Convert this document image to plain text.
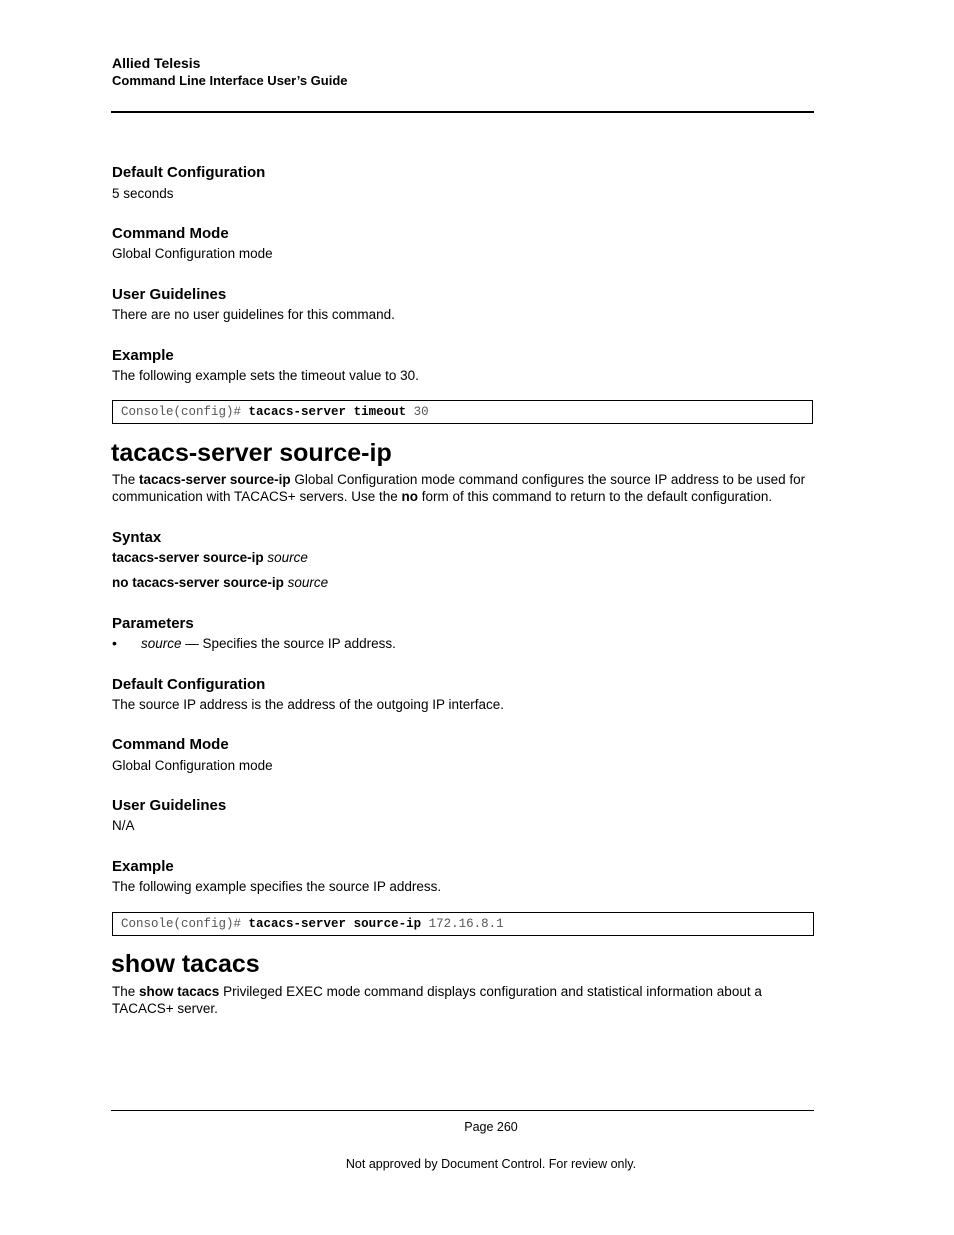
Allied Telesis
Command Line Interface User’s Guide
Default Configuration
5 seconds
Command Mode
Global Configuration mode
User Guidelines
There are no user guidelines for this command.
Example
The following example sets the timeout value to 30.
Console(config)# tacacs-server timeout 30
tacacs-server source-ip
The tacacs-server source-ip Global Configuration mode command configures the source IP address to be used for communication with TACACS+ servers. Use the no form of this command to return to the default configuration.
Syntax
tacacs-server source-ip source
no tacacs-server source-ip source
Parameters
• source — Specifies the source IP address.
Default Configuration
The source IP address is the address of the outgoing IP interface.
Command Mode
Global Configuration mode
User Guidelines
N/A
Example
The following example specifies the source IP address.
Console(config)# tacacs-server source-ip 172.16.8.1
show tacacs
The show tacacs Privileged EXEC mode command displays configuration and statistical information about a TACACS+ server.
Page 260
Not approved by Document Control. For review only.
